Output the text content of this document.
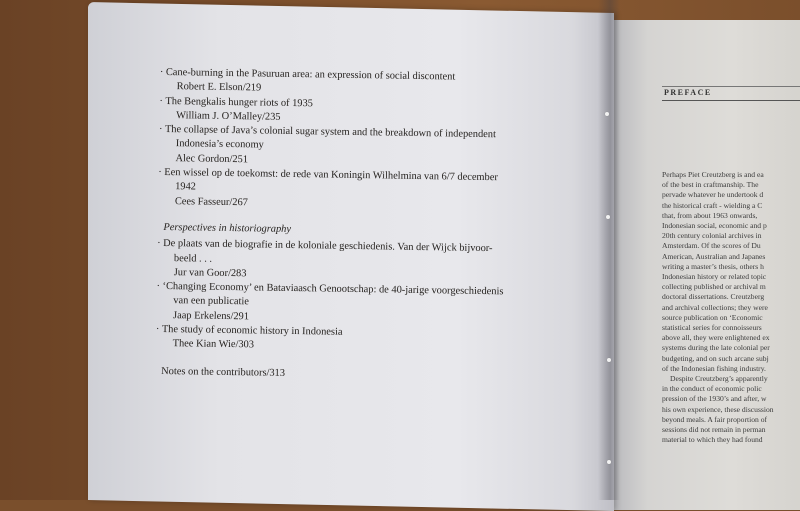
PREFACE
Perhaps Piet Creutzberg is and ea
of the best in craftmanship. The
pervade whatever he undertook d
the historical craft - wielding a C
that, from about 1963 onwards,
Indonesian social, economic and p
20th century colonial archives in
Amsterdam. Of the scores of Du
American, Australian and Japanes
writing a master’s thesis, others h
Indonesian history or related topic
collecting published or archival m
doctoral dissertations. Creutzberg
and archival collections; they were
source publication on ‘Economic
statistical series for connoisseurs
above all, they were enlightened ex
systems during the late colonial per
budgeting, and on such arcane subj
of the Indonesian fishing industry.
Despite Creutzberg’s apparently
in the conduct of economic polic
pression of the 1930’s and after, w
his own experience, these discussion
beyond meals. A fair proportion of
sessions did not remain in perman
material to which they had found
· Cane-burning in the Pasuruan area: an expression of social discontent
Robert E. Elson/219
· The Bengkalis hunger riots of 1935
William J. O’Malley/235
· The collapse of Java’s colonial sugar system and the breakdown of independent
Indonesia’s economy
Alec Gordon/251
· Een wissel op de toekomst: de rede van Koningin Wilhelmina van 6/7 december
1942
Cees Fasseur/267
Perspectives in historiography
· De plaats van de biografie in de koloniale geschiedenis. Van der Wijck bijvoor-
beeld . . .
Jur van Goor/283
· ‘Changing Economy’ en Bataviaasch Genootschap: de 40-jarige voorgeschiedenis
van een publicatie
Jaap Erkelens/291
· The study of economic history in Indonesia
Thee Kian Wie/303
Notes on the contributors/313
